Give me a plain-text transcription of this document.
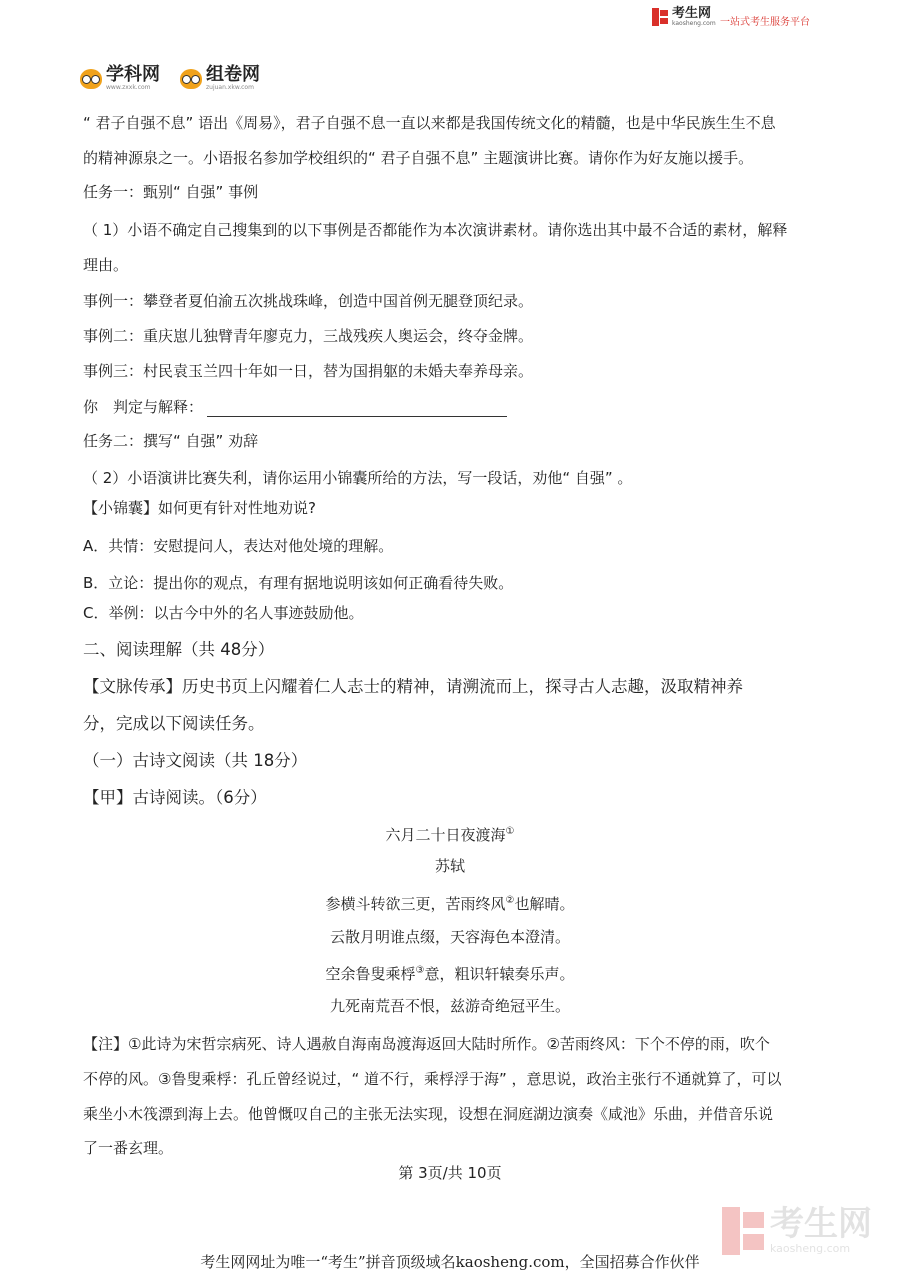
考生网
kaosheng.com 一站式考生服务平台
学科网
www.zxxk.com
组卷网
zujuan.xkw.com
“ 君子自强不息” 语出《周易》，君子自强不息一直以来都是我国传统文化的精髓，也是中华民族生生不息
的精神源泉之一。小语报名参加学校组织的“ 君子自强不息” 主题演讲比赛。请你作为好友施以援手。
任务一：甄别“ 自强” 事例
（ 1）小语不确定自己搜集到的以下事例是否都能作为本次演讲素材。请你选出其中最不合适的素材，解释
理由。
事例一：攀登者夏伯渝五次挑战珠峰，创造中国首例无腿登顶纪录。
事例二：重庆崽儿独臂青年廖克力，三战残疾人奥运会，终夺金牌。
事例三：村民袁玉兰四十年如一日，替为国捐躯的未婚夫奉养母亲。
你　判定与解释：
任务二：撰写“ 自强” 劝辞
（ 2）小语演讲比赛失利，请你运用小锦囊所给的方法，写一段话，劝他“ 自强” 。
【小锦囊】如何更有针对性地劝说?
A．共情：安慰提问人，表达对他处境的理解。
B．立论：提出你的观点，有理有据地说明该如何正确看待失败。
C．举例：以古今中外的名人事迹鼓励他。
二、阅读理解（共 48分）
【文脉传承】历史书页上闪耀着仁人志士的精神，请溯流而上，探寻古人志趣，汲取精神养
分，完成以下阅读任务。
（一）古诗文阅读（共 18分）
【甲】古诗阅读。（6分）
六月二十日夜渡海①
苏轼
参横斗转欲三更，苦雨终风②也解晴。
云散月明谁点缀，天容海色本澄清。
空余鲁叟乘桴③意，粗识轩辕奏乐声。
九死南荒吾不恨，兹游奇绝冠平生。
【注】①此诗为宋哲宗病死、诗人遇赦自海南岛渡海返回大陆时所作。②苦雨终风：下个不停的雨，吹个
不停的风。③鲁叟乘桴：孔丘曾经说过，“ 道不行，乘桴浮于海” ，意思说，政治主张行不通就算了，可以
乘坐小木筏漂到海上去。他曾慨叹自己的主张无法实现，设想在洞庭湖边演奏《咸池》乐曲，并借音乐说
了一番玄理。
第 3页/共 10页
考生网
kaosheng.com
考生网网址为唯一“考生”拼音顶级域名kaosheng.com，全国招募合作伙伴
